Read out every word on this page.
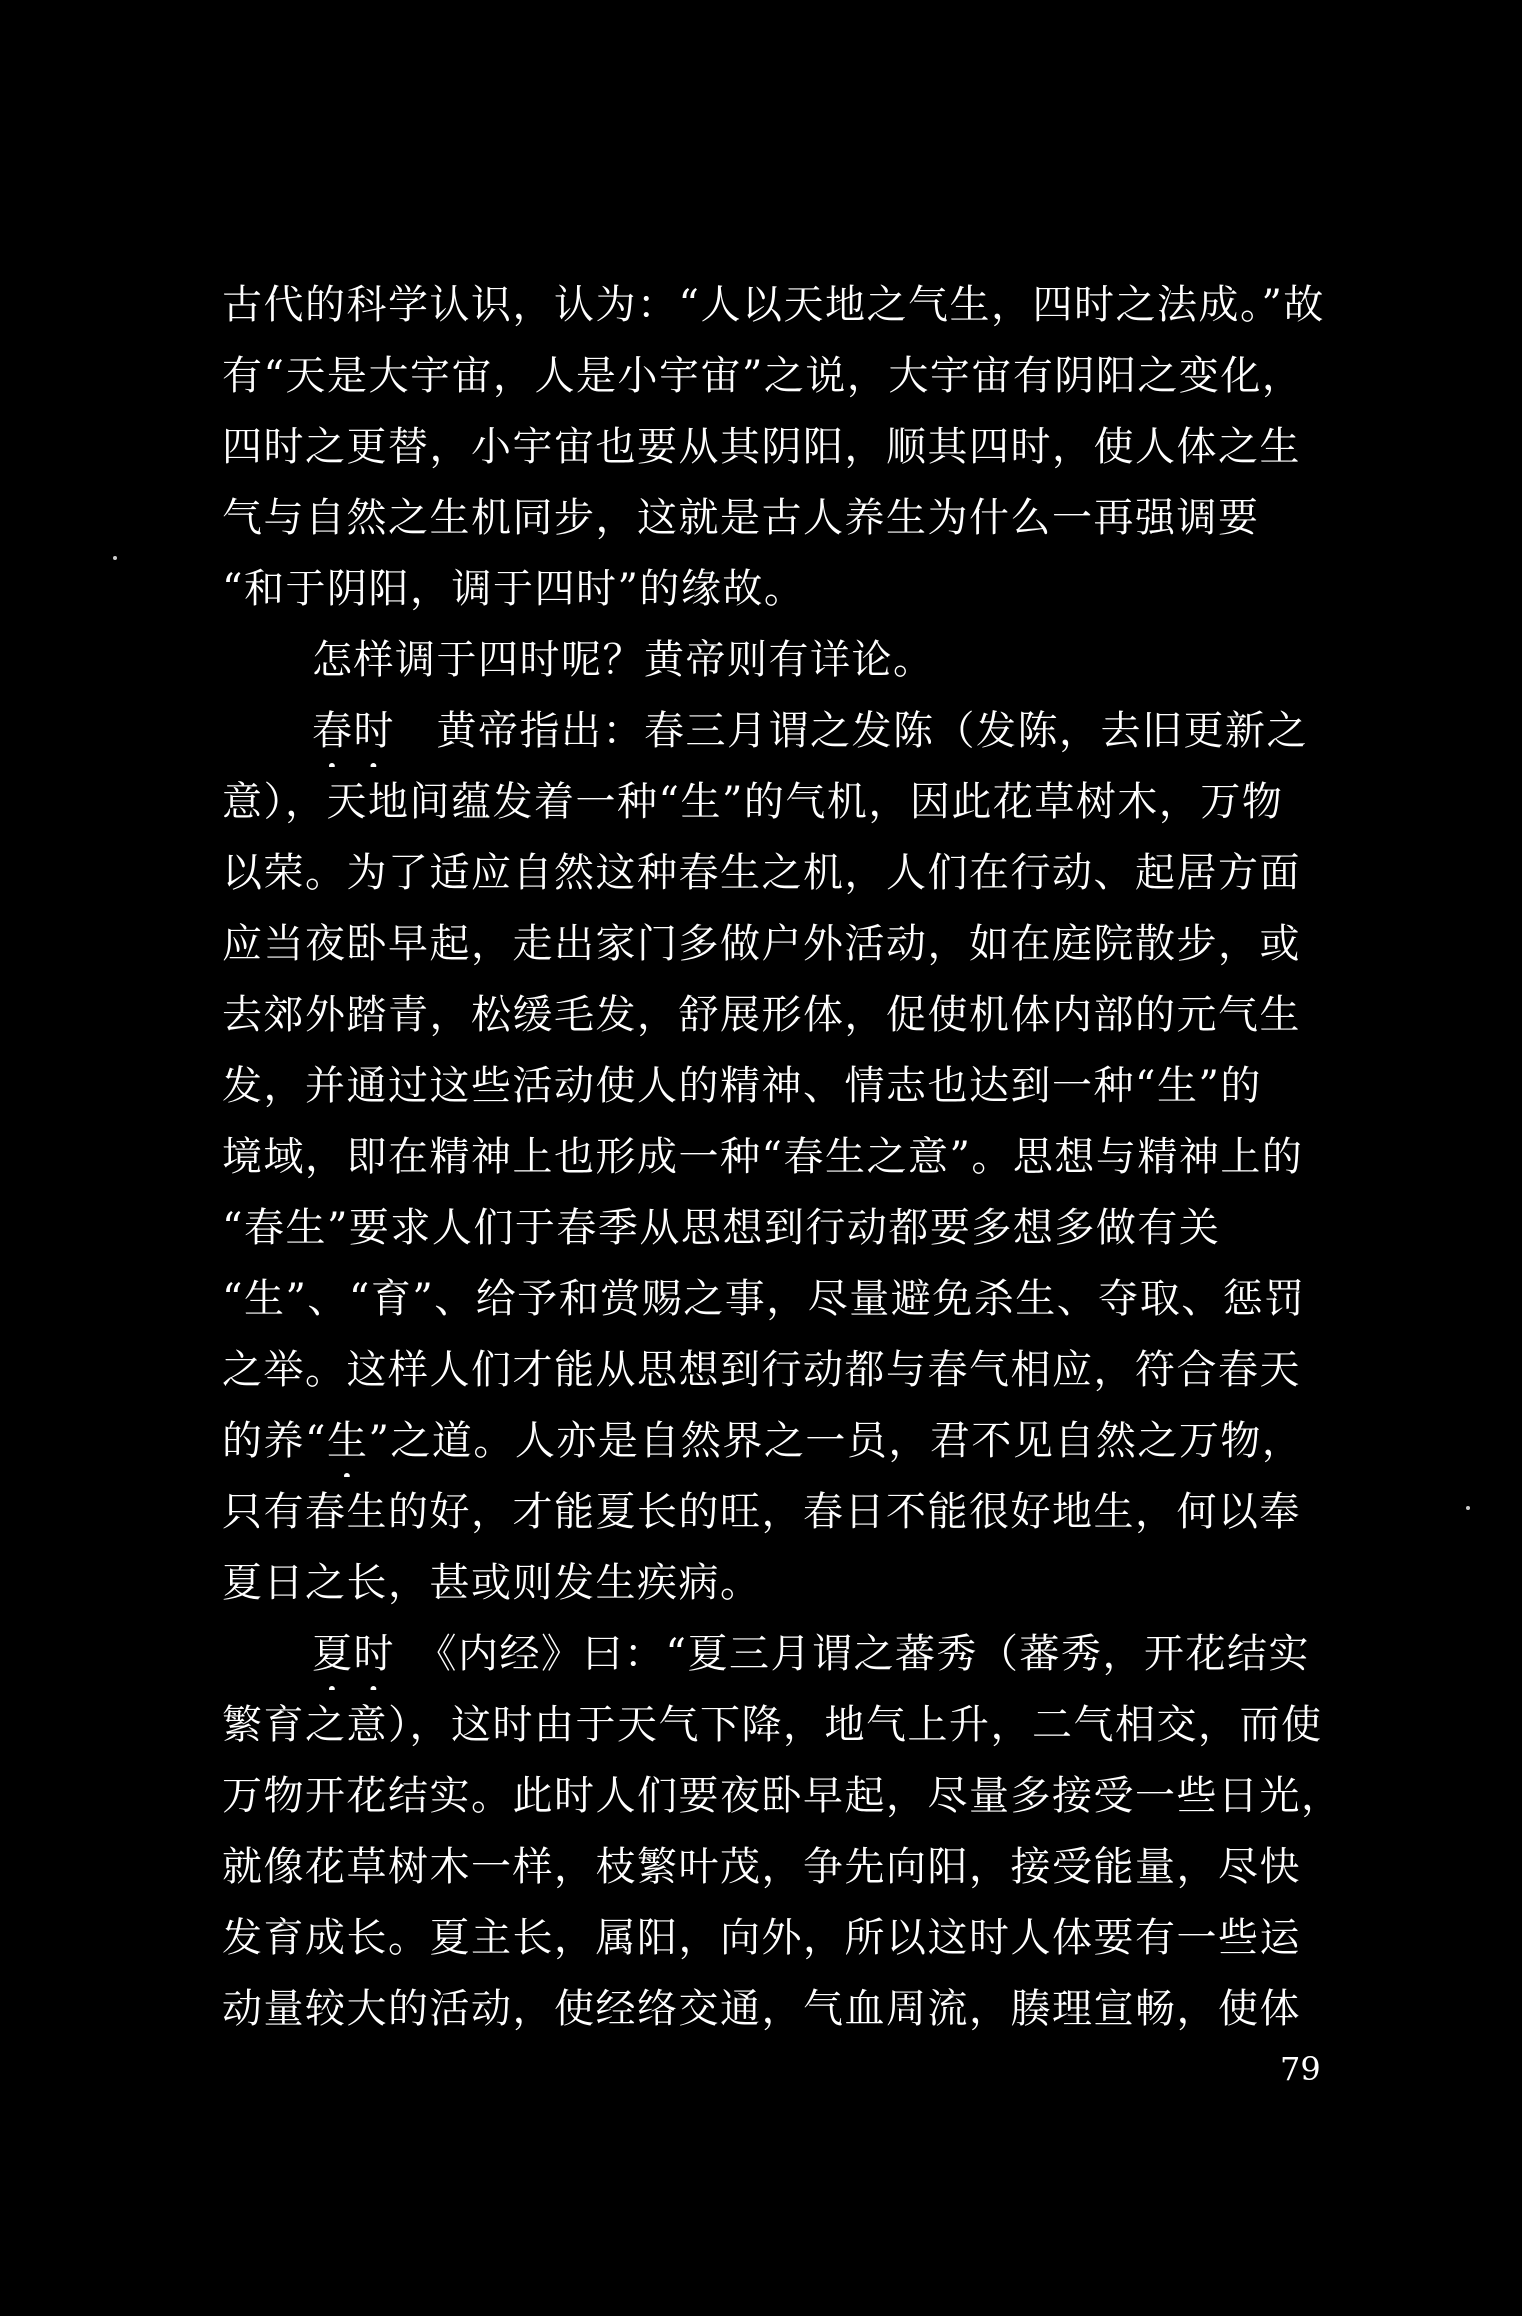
古代的科学认识，认为：“人以天地之气生，四时之法成。”故
有“天是大宇宙，人是小宇宙”之说，大宇宙有阴阳之变化，
四时之更替，小宇宙也要从其阴阳，顺其四时，使人体之生
气与自然之生机同步，这就是古人养生为什么一再强调要
“和于阴阳，调于四时”的缘故。
怎样调于四时呢？黄帝则有详论。
春时　 黄帝指出：春三月谓之发陈（发陈，去旧更新之
意），天地间蕴发着一种“生”的气机，因此花草树木，万物
以荣。为了适应自然这种春生之机，人们在行动、起居方面
应当夜卧早起，走出家门多做户外活动，如在庭院散步，或
去郊外踏青，松缓毛发，舒展形体，促使机体内部的元气生
发，并通过这些活动使人的精神、情志也达到一种“生”的
境域，即在精神上也形成一种“春生之意”。思想与精神上的
“春生”要求人们于春季从思想到行动都要多想多做有关
“生”、“育”、给予和赏赐之事，尽量避免杀生、夺取、惩罚
之举。这样人们才能从思想到行动都与春气相应，符合春天
的养“生”之道。人亦是自然界之一员，君不见自然之万物，
只有春生的好，才能夏长的旺，春日不能很好地生，何以奉
夏日之长，甚或则发生疾病。
夏时　 《内经》曰：“夏三月谓之蕃秀（蕃秀，开花结实
繁育之意），这时由于天气下降，地气上升，二气相交，而使
万物开花结实。此时人们要夜卧早起，尽量多接受一些日光，
就像花草树木一样，枝繁叶茂，争先向阳，接受能量，尽快
发育成长。夏主长，属阳，向外，所以这时人体要有一些运
动量较大的活动，使经络交通，气血周流，腠理宣畅，使体
79
